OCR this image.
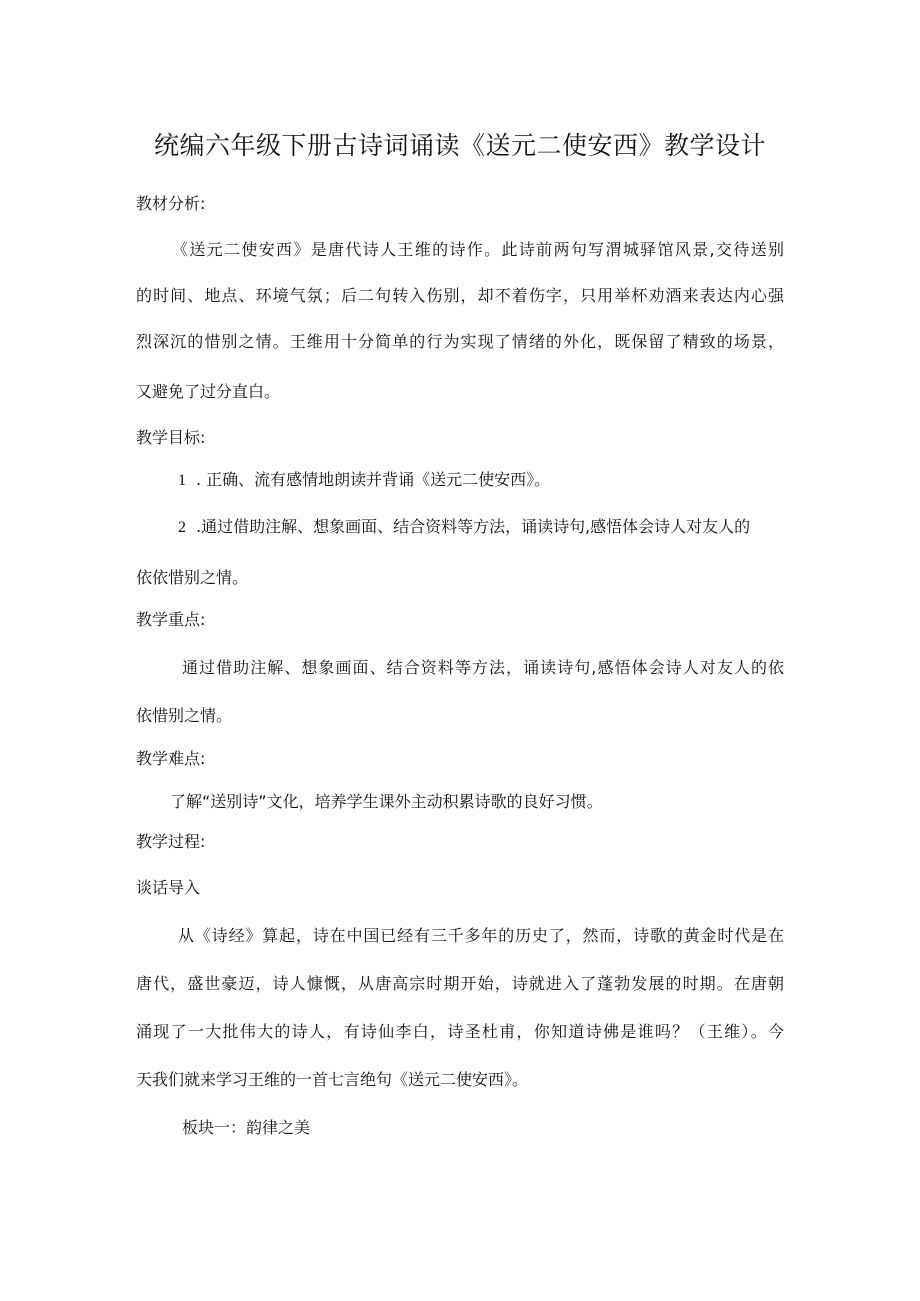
统编六年级下册古诗词诵读《送元二使安西》教学设计
教材分析:
《送元二使安西》是唐代诗人王维的诗作。此诗前两句写渭城驿馆风景,交待送别
的时间、地点、环境气氛；后二句转入伤别，却不着伤字，只用举杯劝酒来表达内心强
烈深沉的惜别之情。王维用十分简单的行为实现了情绪的外化，既保留了精致的场景，
又避免了过分直白。
教学目标:
1 . 正确、流有感情地朗读并背诵《送元二使安西》。
2 .通过借助注解、想象画面、结合资料等方法，诵读诗句,感悟体会诗人对友人的
依依惜别之情。
教学重点:
通过借助注解、想象画面、结合资料等方法，诵读诗句,感悟体会诗人对友人的依
依惜别之情。
教学难点:
了解“送别诗”文化，培养学生课外主动积累诗歌的良好习惯。
教学过程:
谈话导入
从《诗经》算起，诗在中国已经有三千多年的历史了，然而，诗歌的黄金时代是在
唐代，盛世豪迈，诗人慷慨，从唐高宗时期开始，诗就进入了蓬勃发展的时期。在唐朝
涌现了一大批伟大的诗人，有诗仙李白，诗圣杜甫，你知道诗佛是谁吗？（王维）。今
天我们就来学习王维的一首七言绝句《送元二使安西》。
板块一：韵律之美
